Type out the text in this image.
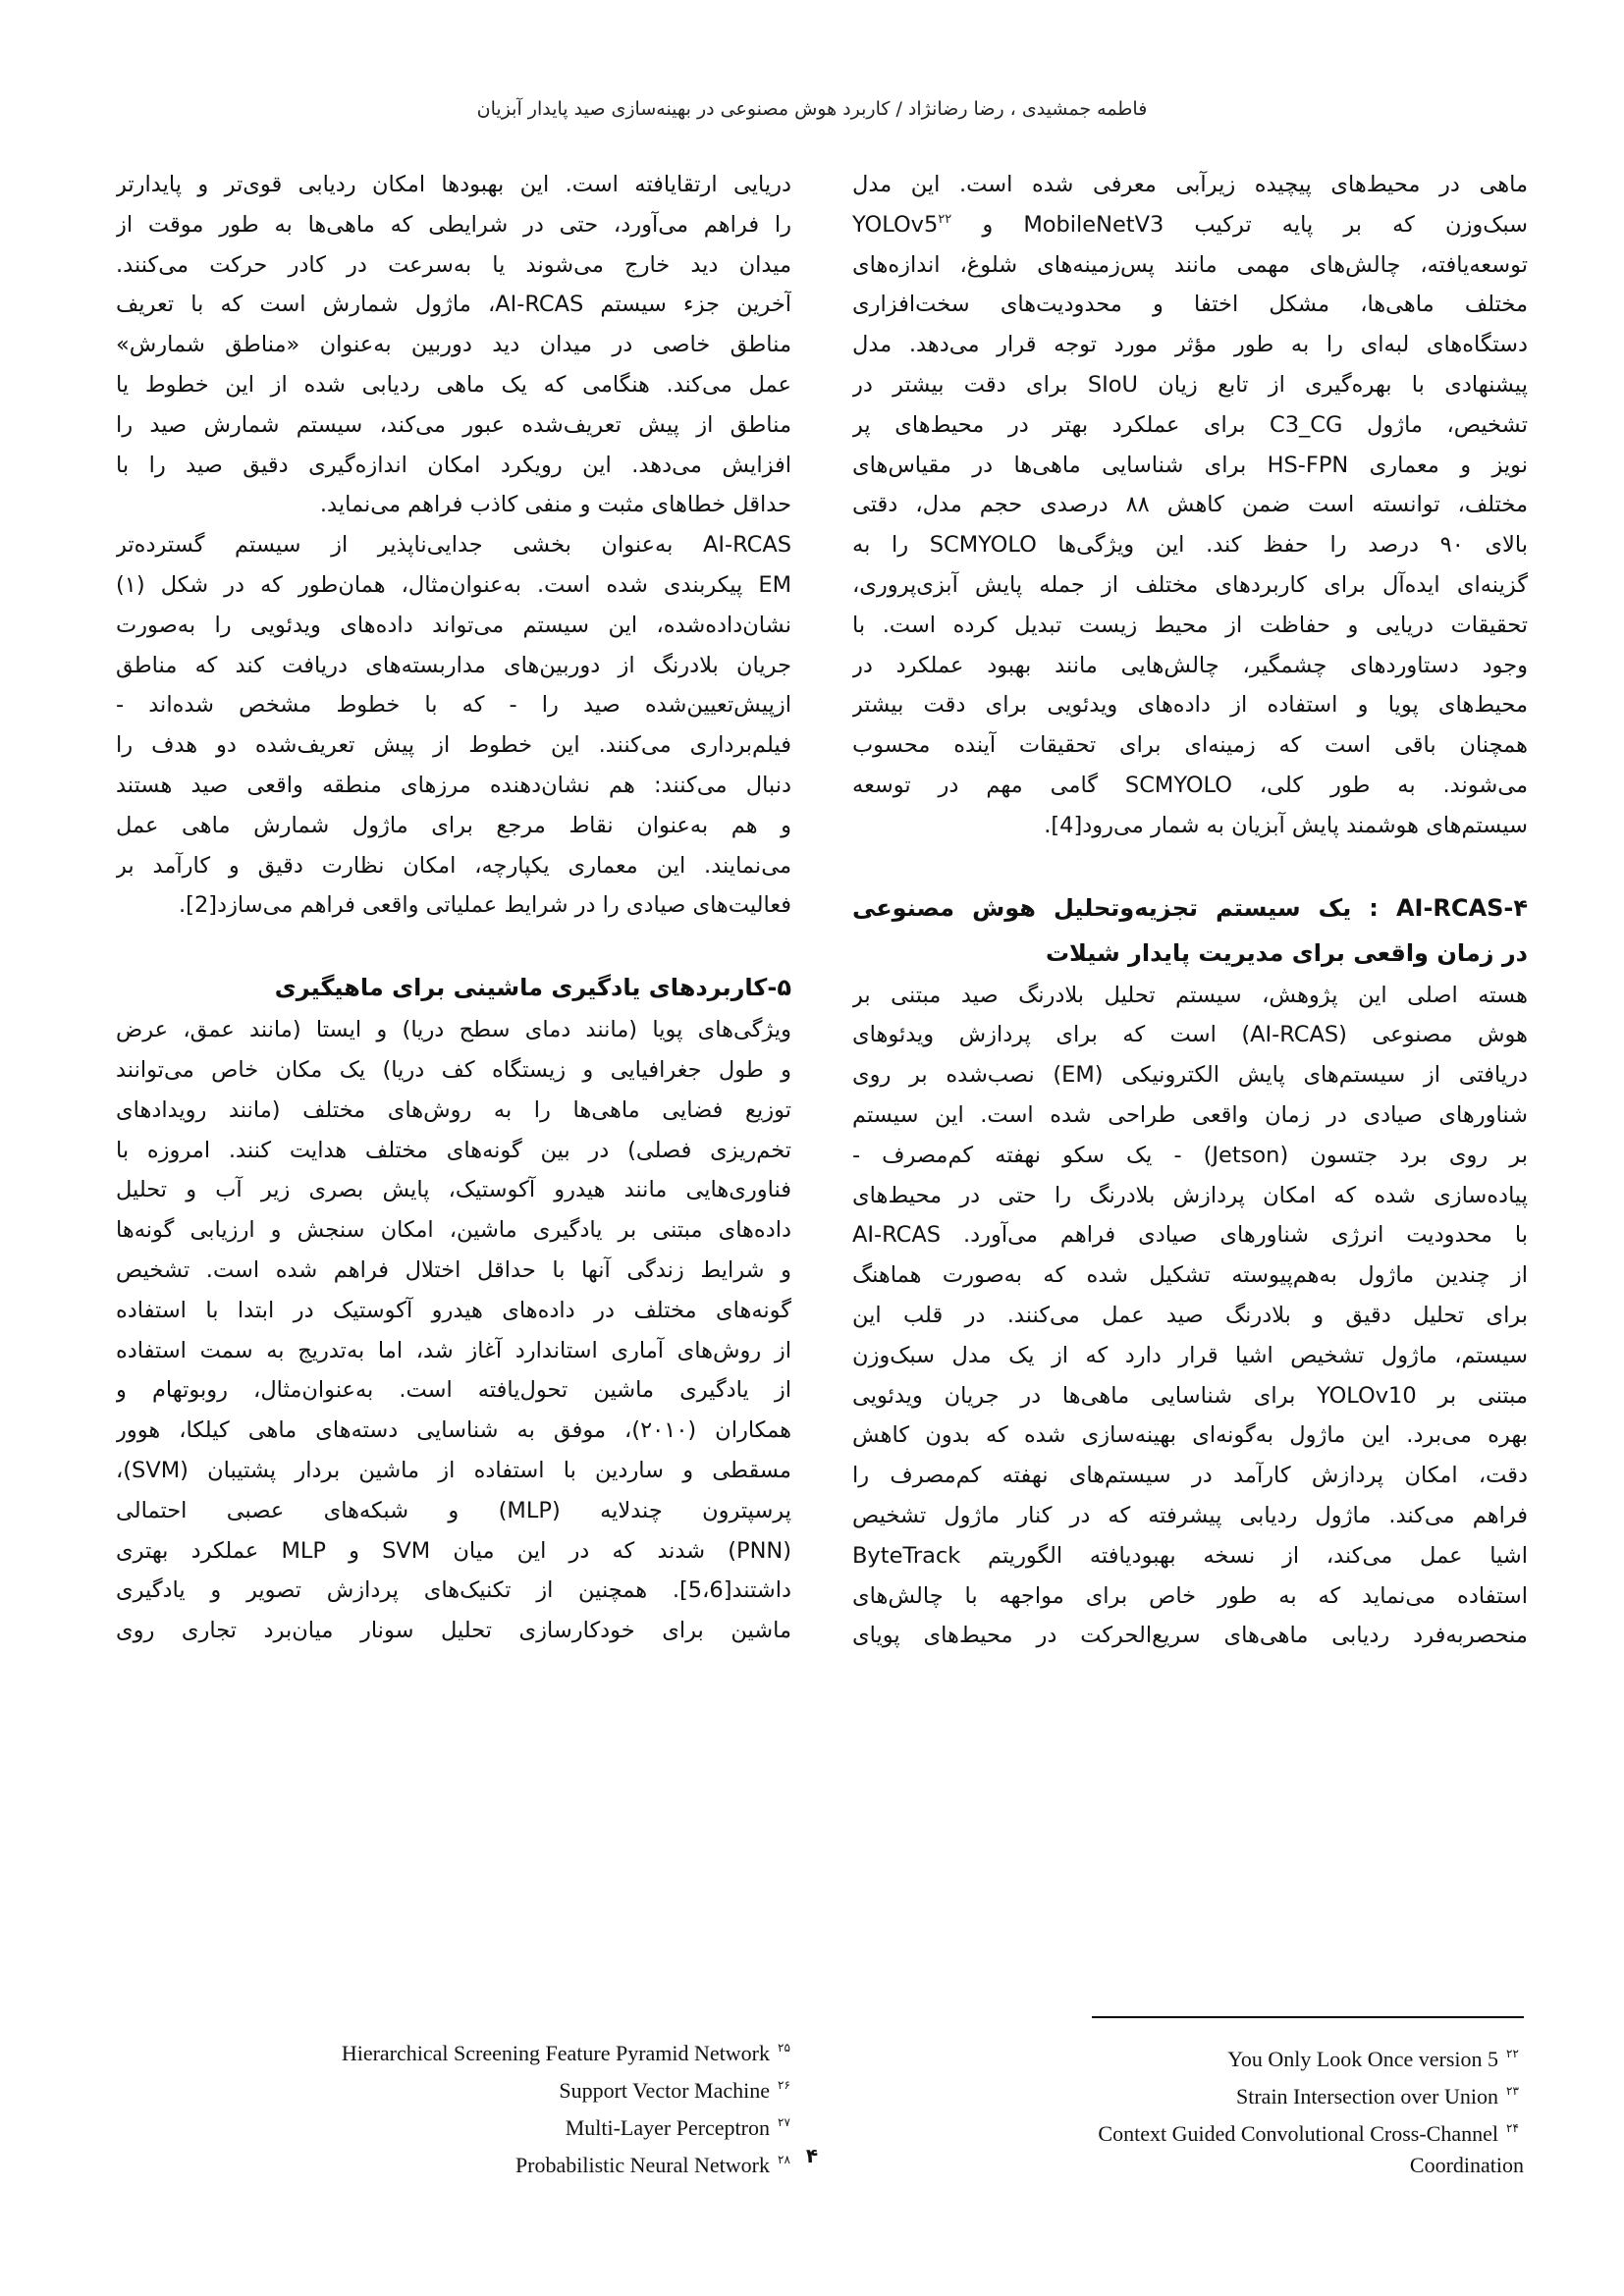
فاطمه جمشیدی ، رضا رضانژاد / کاربرد هوش مصنوعی در بهینه‌سازی صید پایدار آبزیان
ماهی در محیط‌های پیچیده زیرآبی معرفی شده است. این مدل
سبک‌وزن که بر پایه ترکیب MobileNetV3 و $YOLOv5^{۲۲}$
توسعه‌یافته، چالش‌های مهمی مانند پس‌زمینه‌های شلوغ، اندازه‌های
مختلف ماهی‌ها، مشکل اختفا و محدودیت‌های سخت‌افزاری
دستگاه‌های لبه‌ای را به طور مؤثر مورد توجه قرار می‌دهد. مدل
پیشنهادی با بهره‌گیری از تابع زیان SIoU برای دقت بیشتر در
تشخیص، ماژول C3_CG برای عملکرد بهتر در محیط‌های پر
نویز و معماری HS-FPN برای شناسایی ماهی‌ها در مقیاس‌های
مختلف، توانسته است ضمن کاهش ۸۸ درصدی حجم مدل، دقتی
بالای ۹۰ درصد را حفظ کند. این ویژگی‌ها SCMYOLO را به
گزینه‌ای ایده‌آل برای کاربردهای مختلف از جمله پایش آبزی‌پروری،
تحقیقات دریایی و حفاظت از محیط زیست تبدیل کرده است. با
وجود دستاوردهای چشمگیر، چالش‌هایی مانند بهبود عملکرد در
محیط‌های پویا و استفاده از داده‌های ویدئویی برای دقت بیشتر
همچنان باقی است که زمینه‌ای برای تحقیقات آینده محسوب
می‌شوند. به طور کلی، SCMYOLO گامی مهم در توسعه
سیستم‌های هوشمند پایش آبزیان به شمار می‌رود[4].
AI-RCAS-۴ : یک سیستم تجزیه‌وتحلیل هوش مصنوعی
در زمان واقعی برای مدیریت پایدار شیلات
هسته اصلی این پژوهش، سیستم تحلیل بلادرنگ صید مبتنی بر
هوش مصنوعی (AI-RCAS) است که برای پردازش ویدئوهای
دریافتی از سیستم‌های پایش الکترونیکی (EM) نصب‌شده بر روی
شناورهای صیادی در زمان واقعی طراحی شده است. این سیستم
بر روی برد جتسون (Jetson) - یک سکو نهفته کم‌مصرف -
پیاده‌سازی شده که امکان پردازش بلادرنگ را حتی در محیط‌های
با محدودیت انرژی شناورهای صیادی فراهم می‌آورد. AI-RCAS
از چندین ماژول به‌هم‌پیوسته تشکیل شده که به‌صورت هماهنگ
برای تحلیل دقیق و بلادرنگ صید عمل می‌کنند. در قلب این
سیستم، ماژول تشخیص اشیا قرار دارد که از یک مدل سبک‌وزن
مبتنی بر YOLOv10 برای شناسایی ماهی‌ها در جریان ویدئویی
بهره می‌برد. این ماژول به‌گونه‌ای بهینه‌سازی شده که بدون کاهش
دقت، امکان پردازش کارآمد در سیستم‌های نهفته کم‌مصرف را
فراهم می‌کند. ماژول ردیابی پیشرفته که در کنار ماژول تشخیص
اشیا عمل می‌کند، از نسخه بهبودیافته الگوریتم ByteTrack
استفاده می‌نماید که به طور خاص برای مواجهه با چالش‌های
منحصربه‌فرد ردیابی ماهی‌های سریع‌الحرکت در محیط‌های پویای
دریایی ارتقایافته است. این بهبودها امکان ردیابی قوی‌تر و پایدارتر
را فراهم می‌آورد، حتی در شرایطی که ماهی‌ها به طور موقت از
میدان دید خارج می‌شوند یا به‌سرعت در کادر حرکت می‌کنند.
آخرین جزء سیستم AI-RCAS، ماژول شمارش است که با تعریف
مناطق خاصی در میدان دید دوربین به‌عنوان «مناطق شمارش»
عمل می‌کند. هنگامی که یک ماهی ردیابی شده از این خطوط یا
مناطق از پیش تعریف‌شده عبور می‌کند، سیستم شمارش صید را
افزایش می‌دهد. این رویکرد امکان اندازه‌گیری دقیق صید را با
حداقل خطاهای مثبت و منفی کاذب فراهم می‌نماید.
AI-RCAS به‌عنوان بخشی جدایی‌ناپذیر از سیستم گسترده‌تر
EM پیکربندی شده است. به‌عنوان‌مثال، همان‌طور که در شکل (۱)
نشان‌داده‌شده، این سیستم می‌تواند داده‌های ویدئویی را به‌صورت
جریان بلادرنگ از دوربین‌های مداربسته‌های دریافت کند که مناطق
ازپیش‌تعیین‌شده صید را - که با خطوط مشخص شده‌اند -
فیلم‌برداری می‌کنند. این خطوط از پیش تعریف‌شده دو هدف را
دنبال می‌کنند: هم نشان‌دهنده مرزهای منطقه واقعی صید هستند
و هم به‌عنوان نقاط مرجع برای ماژول شمارش ماهی عمل
می‌نمایند. این معماری یکپارچه، امکان نظارت دقیق و کارآمد بر
فعالیت‌های صیادی را در شرایط عملیاتی واقعی فراهم می‌سازد[2].
۵-کاربردهای یادگیری ماشینی برای ماهیگیری
ویژگی‌های پویا (مانند دمای سطح دریا) و ایستا (مانند عمق، عرض
و طول جغرافیایی و زیستگاه کف دریا) یک مکان خاص می‌توانند
توزیع فضایی ماهی‌ها را به روش‌های مختلف (مانند رویدادهای
تخم‌ریزی فصلی) در بین گونه‌های مختلف هدایت کنند. امروزه با
فناوری‌هایی مانند هیدرو آکوستیک، پایش بصری زیر آب و تحلیل
داده‌های مبتنی بر یادگیری ماشین، امکان سنجش و ارزیابی گونه‌ها
و شرایط زندگی آنها با حداقل اختلال فراهم شده است. تشخیص
گونه‌های مختلف در داده‌های هیدرو آکوستیک در ابتدا با استفاده
از روش‌های آماری استاندارد آغاز شد، اما به‌تدریج به سمت استفاده
از یادگیری ماشین تحول‌یافته است. به‌عنوان‌مثال، روبوتهام و
همکاران (۲۰۱۰)، موفق به شناسایی دسته‌های ماهی کیلکا، هوور
مسقطی و ساردین با استفاده از ماشین بردار پشتیبان (SVM)،
پرسپترون چندلایه (MLP) و شبکه‌های عصبی احتمالی
(PNN) شدند که در این میان SVM و MLP عملکرد بهتری
داشتند[5،6]. همچنین از تکنیک‌های پردازش تصویر و یادگیری
ماشین برای خودکارسازی تحلیل سونار میان‌برد تجاری روی
You Only Look Once version 5 ۲۲
Strain Intersection over Union ۲۳
Context Guided Convolutional Cross-Channel ۲۴
Coordination
Hierarchical Screening Feature Pyramid Network ۲۵
Support Vector Machine ۲۶
Multi-Layer Perceptron ۲۷
Probabilistic Neural Network ۲۸ ۴
